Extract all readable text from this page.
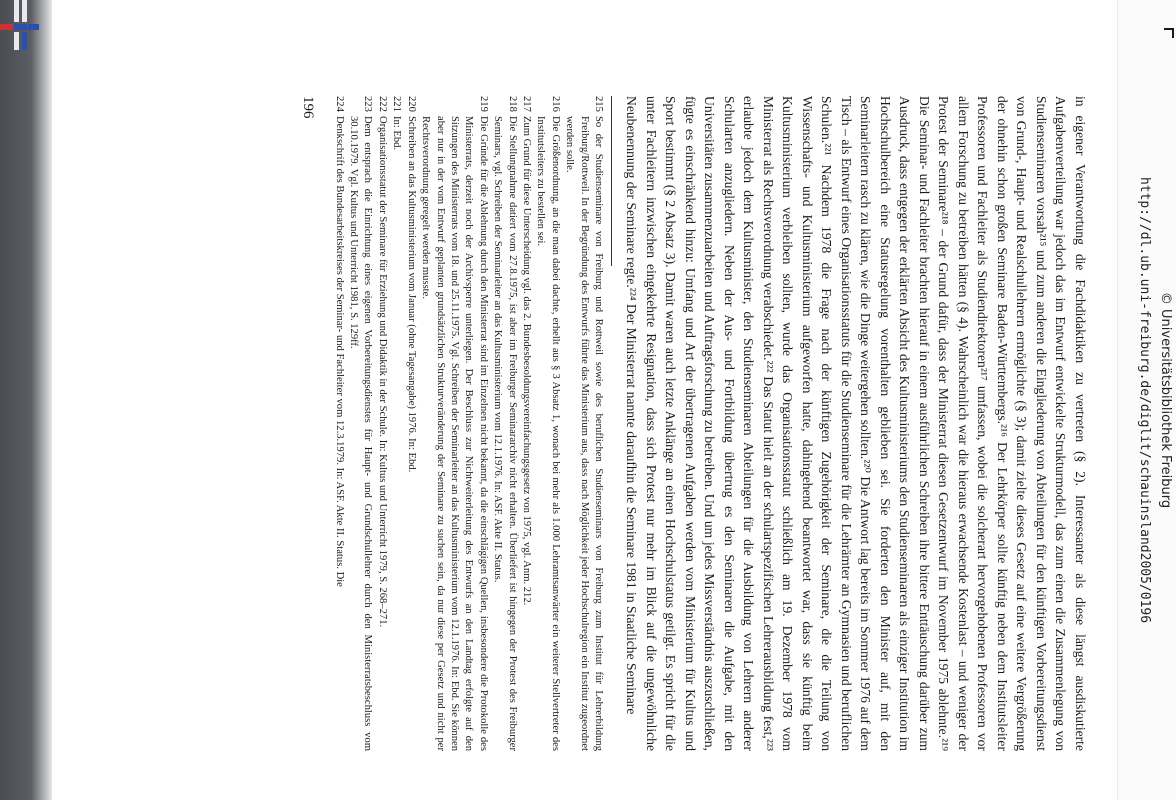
http://dl.ub.uni-freiburg.de/diglit/schauinsland2005/0196 © Universitätsbibliothek Freiburg

in eigener Verantwortung die Fachdidaktiken zu vertreten (§ 2). Interessanter als diese längst ausdiskutierte Aufgabenverteilung war jedoch das im Entwurf entwickelte Strukturmodell, das zum einen die Zusammenlegung von Studienseminaren vorsah²¹⁵ und zum anderen die Eingliederung von Abteilungen für den künftigen Vorbereitungsdienst von Grund-, Haupt- und Realschullehrern ermöglichte (§ 3); damit zielte dieses Gesetz auf eine weitere Vergrößerung der ohnehin schon großen Seminare Baden-Württembergs.²¹⁶ Der Lehrkörper sollte künftig neben dem Institutsleiter Professoren und Fachleiter als Studiendirektoren²¹⁷ umfassen, wobei die solcherart hervorgehobenen Professoren vor allem Forschung zu betreiben hätten (§ 4). Wahrscheinlich war die hieraus erwachsende Kostenlast – und weniger der Protest der Seminare²¹⁸ – der Grund dafür, dass der Ministerrat diesen Gesetzentwurf im November 1975 ablehnte.²¹⁹ Die Seminar- und Fachleiter brachten hierauf in einem ausführlichen Schreiben ihre bittere Enttäuschung darüber zum Ausdruck, dass entgegen der erklärten Absicht des Kultusministeriums den Studienseminaren als einziger Institution im Hochschulbereich eine Statusregelung vorenthalten geblieben sei. Sie forderten den Minister auf, mit den Seminarleitern rasch zu klären, wie die Dinge weitergehen sollten.²²⁰ Die Antwort lag bereits im Sommer 1976 auf dem Tisch – als Entwurf eines Organisationsstatuts für die Studienseminare für die Lehrämter an Gymnasien und beruflichen Schulen.²²¹ Nachdem 1978 die Frage nach der künftigen Zugehörigkeit der Seminare, die die Teilung von Wissenschafts- und Kultusministerium aufgeworfen hatte, dahingehend beantwortet war, dass sie künftig beim Kultusministerium verbleiben sollten, wurde das Organisationsstatut schließlich am 19. Dezember 1978 vom Ministerrat als Rechtsverordnung verabschiedet.²²² Das Statut hielt an der schulartspezifischen Lehrerausbildung fest,²²³ erlaubte jedoch dem Kultusminister, den Studienseminaren Abteilungen für die Ausbildung von Lehrern anderer Schularten anzugliedern. Neben der Aus- und Fortbildung übertrug es den Seminaren die Aufgabe, mit den Universitäten zusammenzuarbeiten und Auftragsforschung zu betreiben. Und um jedes Missverständnis auszuschließen, fügte es einschränkend hinzu: Umfang und Art der übertragenen Aufgaben werden vom Ministerium für Kultus und Sport bestimmt (§ 2 Absatz 3). Damit waren auch letzte Anklänge an einen Hochschulstatus getilgt. Es spricht für die unter Fachleitern inzwischen eingekehrte Resignation, dass sich Protest nur mehr im Blick auf die ungewöhnliche Neubenennung der Seminare regte.²²⁴ Der Ministerrat nannte daraufhin die Seminare 1981 in Staatliche Seminare

215
So der Studienseminare von Freiburg und Rottweil sowie des beruflichen Studienseminars von Freiburg zum Institut für Lehrerbildung Freiburg/Rottweil. In der Begründung des Entwurfs führte das Ministerium aus, dass nach Möglichkeit jeder Hochschulregion ein Institut zugeordnet werden solle.
216
Die Größenordnung, an die man dabei dachte, erhellt aus § 3 Absatz 1, wonach bei mehr als 1.000 Lehramtsanwärter ein weiterer Stellvertreter des Institutsleiters zu bestellen sei.
217
Zum Grund für diese Unterscheidung vgl. das 2. Bundesbesoldungsvereinfachungsgesetz von 1975, vgl. Anm. 212.
218
Die Stellungnahme datiert vom 27.8.1975, ist aber im Freiburger Seminararchiv nicht erhalten. Überliefert ist hingegen der Protest des Freiburger Seminars, vgl. Schreiben der Seminarleiter an das Kultusministerium vom 12.1.1976. In: ASF. Akte II. Status.
219
Die Gründe für die Ablehnung durch den Ministerrat sind im Einzelnen nicht bekannt, da die einschlägigen Quellen, insbesondere die Protokolle des Ministerrats, derzeit noch der Archivsperre unterliegen. Der Beschluss zur Nichtweiterleitung des Entwurfs an den Landtag erfolgte auf den Sitzungen des Ministerrats vom 18. und 25.11.1975. Vgl. Schreiben der Seminarleiter an das Kultusministerium vom 12.1.1976. In: Ebd. Sie können aber nur in der vom Entwurf geplanten grundsätzlichen Strukturveränderung der Seminare zu suchen sein, da nur diese per Gesetz und nicht per Rechtsverordnung geregelt werden musste.
220
Schreiben an das Kultusministerium vom Januar (ohne Tagesangabe) 1976. In: Ebd.
221
In: Ebd.
222
Organisationsstatut der Seminare für Erziehung und Didaktik in der Schule. In: Kultus und Unterricht 1979, S. 268–271.
223
Dem entsprach die Einrichtung eines eigenen Vorbereitungsdienstes für Haupt- und Grundschullehrer durch den Ministerratsbeschluss vom 30.10.1979. Vgl. Kultus und Unterricht 1981, S. 129ff.
224
Denkschrift des Bundesarbeitskreises der Seminar- und Fachleiter vom 12.3.1979. In: ASF. Akte II. Status. Die
196
